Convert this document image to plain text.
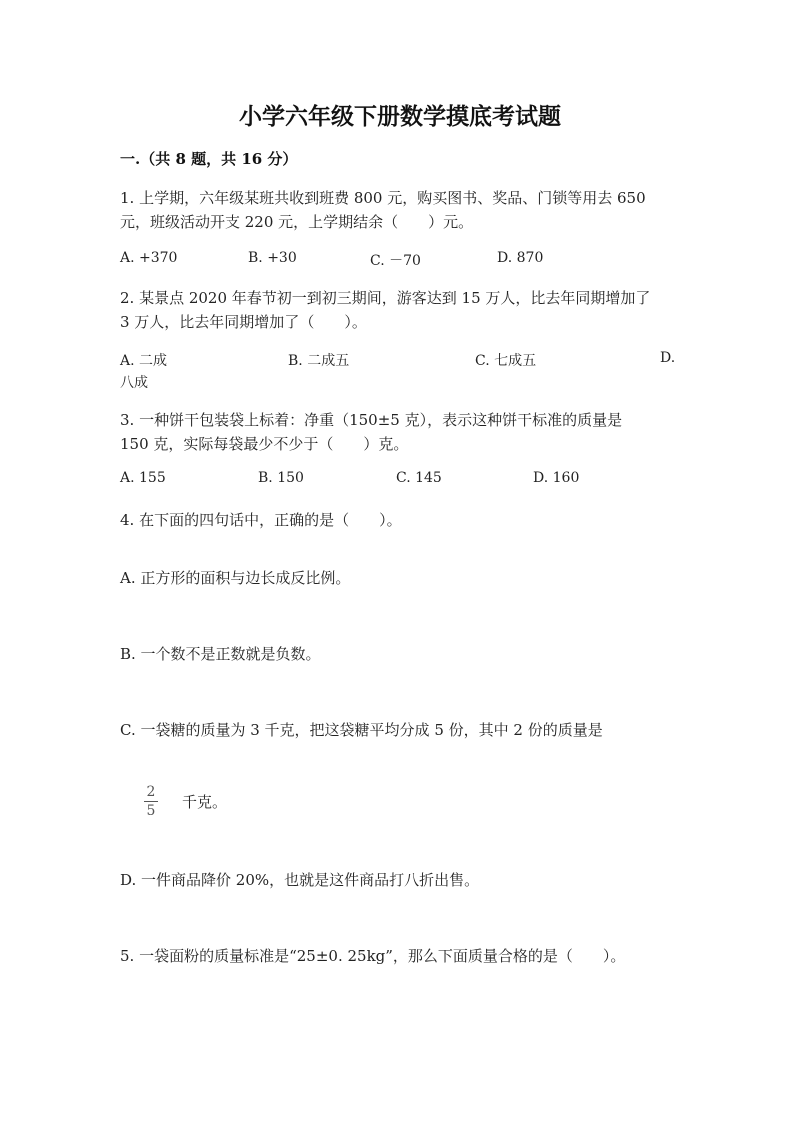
小学六年级下册数学摸底考试题
一.（共 8 题，共 16 分）
1. 上学期，六年级某班共收到班费 800 元，购买图书、奖品、门锁等用去 650
元，班级活动开支 220 元，上学期结余（　　）元。
A. +370	B. +30	C. －70	D. 870
2. 某景点 2020 年春节初一到初三期间，游客达到 15 万人，比去年同期增加了
3 万人，比去年同期增加了（　　）。
A. 二成	B. 二成五	C. 七成五	D.
八成
3. 一种饼干包装袋上标着：净重（150±5 克），表示这种饼干标准的质量是
150 克，实际每袋最少不少于（　　）克。
A. 155	B. 150	C. 145	D. 160
4. 在下面的四句话中，正确的是（　　）。
A. 正方形的面积与边长成反比例。
B. 一个数不是正数就是负数。
C. 一袋糖的质量为 3 千克，把这袋糖平均分成 5 份，其中 2 份的质量是
2
5 千克。
D. 一件商品降价 20%，也就是这件商品打八折出售。
5. 一袋面粉的质量标准是“25±0. 25kg”，那么下面质量合格的是（　　）。
